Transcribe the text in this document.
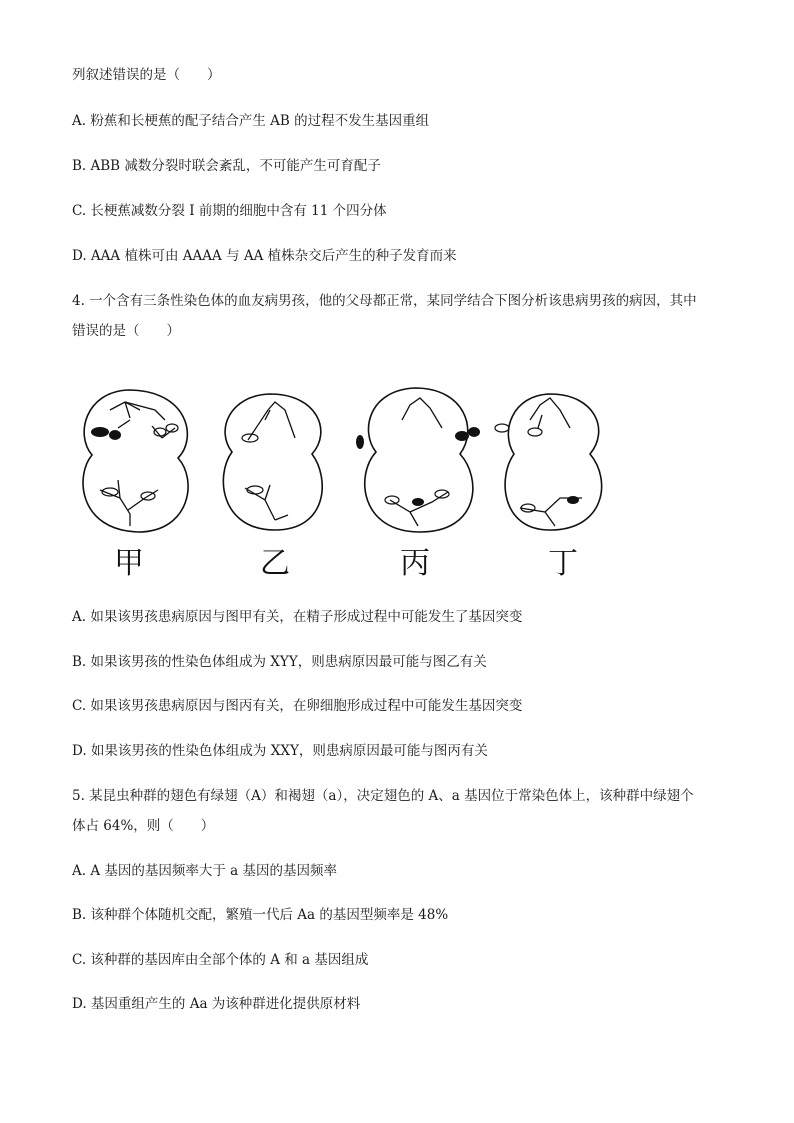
列叙述错误的是（　　）
A. 粉蕉和长梗蕉的配子结合产生 AB 的过程不发生基因重组
B. ABB 减数分裂时联会紊乱，不可能产生可育配子
C. 长梗蕉减数分裂 I 前期的细胞中含有 11 个四分体
D. AAA 植株可由 AAAA 与 AA 植株杂交后产生的种子发育而来
4. 一个含有三条性染色体的血友病男孩，他的父母都正常，某同学结合下图分析该患病男孩的病因，其中
错误的是（　　）
甲	乙	丙	丁
A. 如果该男孩患病原因与图甲有关，在精子形成过程中可能发生了基因突变
B. 如果该男孩的性染色体组成为 XYY，则患病原因最可能与图乙有关
C. 如果该男孩患病原因与图丙有关，在卵细胞形成过程中可能发生基因突变
D. 如果该男孩的性染色体组成为 XXY，则患病原因最可能与图丙有关
5. 某昆虫种群的翅色有绿翅（A）和褐翅（a），决定翅色的 A、a 基因位于常染色体上，该种群中绿翅个
体占 64%，则（　　）
A. A 基因的基因频率大于 a 基因的基因频率
B. 该种群个体随机交配，繁殖一代后 Aa 的基因型频率是 48%
C. 该种群的基因库由全部个体的 A 和 a 基因组成
D. 基因重组产生的 Aa 为该种群进化提供原材料
